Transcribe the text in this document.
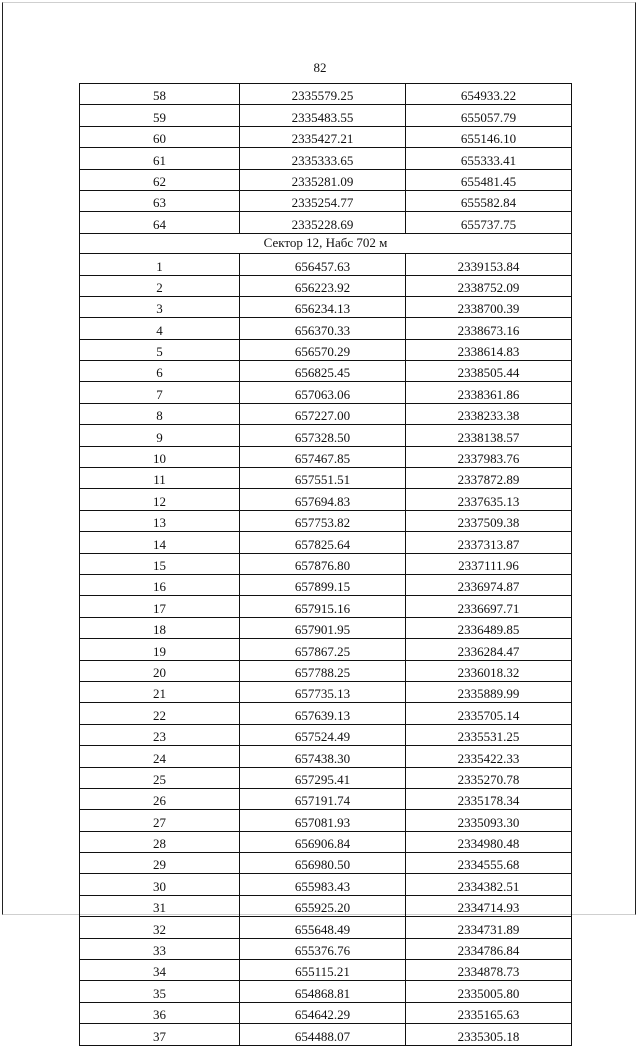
82
58	2335579.25	654933.22
59	2335483.55	655057.79
60	2335427.21	655146.10
61	2335333.65	655333.41
62	2335281.09	655481.45
63	2335254.77	655582.84
64	2335228.69	655737.75
Сектор 12, Набс 702 м		
1	656457.63	2339153.84
2	656223.92	2338752.09
3	656234.13	2338700.39
4	656370.33	2338673.16
5	656570.29	2338614.83
6	656825.45	2338505.44
7	657063.06	2338361.86
8	657227.00	2338233.38
9	657328.50	2338138.57
10	657467.85	2337983.76
11	657551.51	2337872.89
12	657694.83	2337635.13
13	657753.82	2337509.38
14	657825.64	2337313.87
15	657876.80	2337111.96
16	657899.15	2336974.87
17	657915.16	2336697.71
18	657901.95	2336489.85
19	657867.25	2336284.47
20	657788.25	2336018.32
21	657735.13	2335889.99
22	657639.13	2335705.14
23	657524.49	2335531.25
24	657438.30	2335422.33
25	657295.41	2335270.78
26	657191.74	2335178.34
27	657081.93	2335093.30
28	656906.84	2334980.48
29	656980.50	2334555.68
30	655983.43	2334382.51
31	655925.20	2334714.93
32	655648.49	2334731.89
33	655376.76	2334786.84
34	655115.21	2334878.73
35	654868.81	2335005.80
36	654642.29	2335165.63
37	654488.07	2335305.18
